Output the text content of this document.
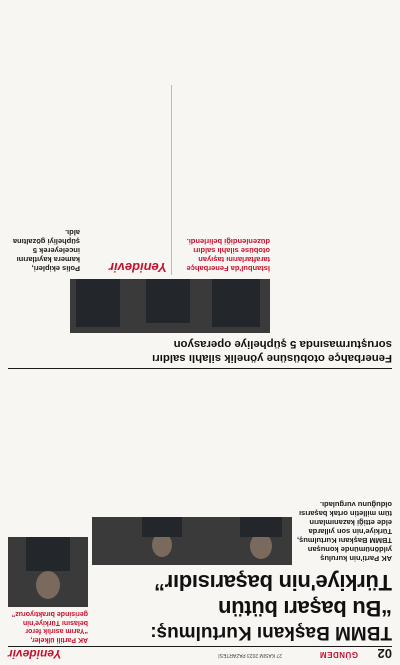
02
GÜNDEM
27 KASIM 2023 PAZARTESİ
Yenidevir
TBMM Başkanı Kurtulmuş:
“Bu başarı bütün
Türkiye'nin başarısıdır”
AK Parti'nin kuruluş yıldönümünde konuşan TBMM Başkanı Kurtulmuş, Türkiye'nin son yıllarda elde ettiği kazanımların tüm milletin ortak başarısı olduğunu vurguladı.
AK Partili ülkeler, “Yarım asırlık feror belasını Türkiye'nin gerisinde bıraktıyoruz”
Fenerbahçe otobüsüne yönelik silahlı saldırı
soruşturmasında 5 şüpheliye operasyon
İstanbul'da Fenerbahçe taraftarlarını taşıyan otobüse silahlı saldırı düzenlendiği belirlendi.
Yenidevir
Polis ekipleri, kamera kayıtlarını inceleyerek 5 şüpheliyi gözaltına aldı.
